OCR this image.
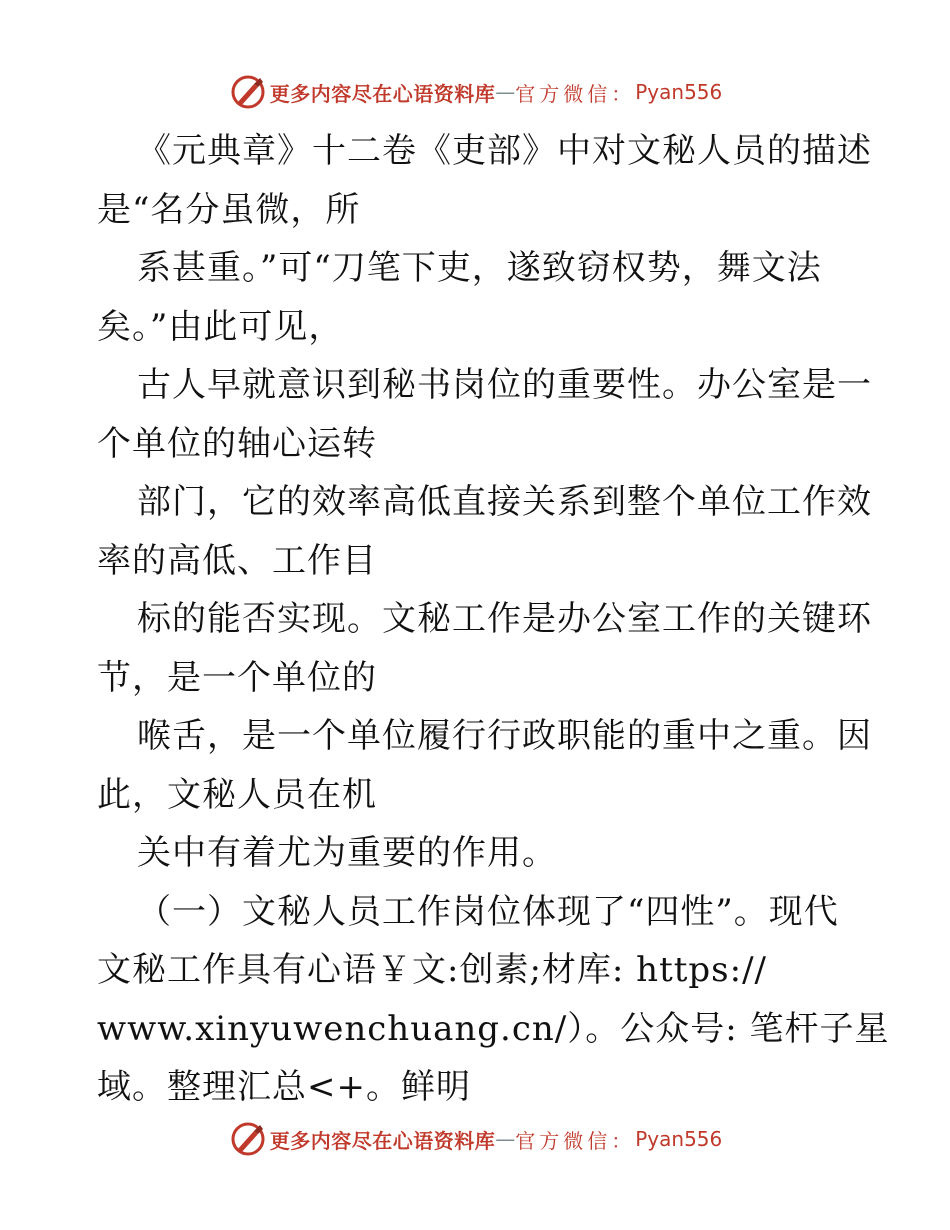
更多内容尽在心语资料库 — 官方微信： Pyan556
《元典章》十二卷《吏部》中对文秘人员的描述
是“名分虽微，所
系甚重。”可“刀笔下吏，遂致窃权势，舞文法
矣。”由此可见，
古人早就意识到秘书岗位的重要性。办公室是一
个单位的轴心运转
部门，它的效率高低直接关系到整个单位工作效
率的高低、工作目
标的能否实现。文秘工作是办公室工作的关键环
节，是一个单位的
喉舌，是一个单位履行行政职能的重中之重。因
此，文秘人员在机
关中有着尤为重要的作用。
（一）文秘人员工作岗位体现了“四性”。现代
文秘工作具有心语￥文:创素;材库: https://
www.xinyuwenchuang.cn/）。公众号: 笔杆子星
域。整理汇总<+。鲜明
更多内容尽在心语资料库 — 官方微信： Pyan556
